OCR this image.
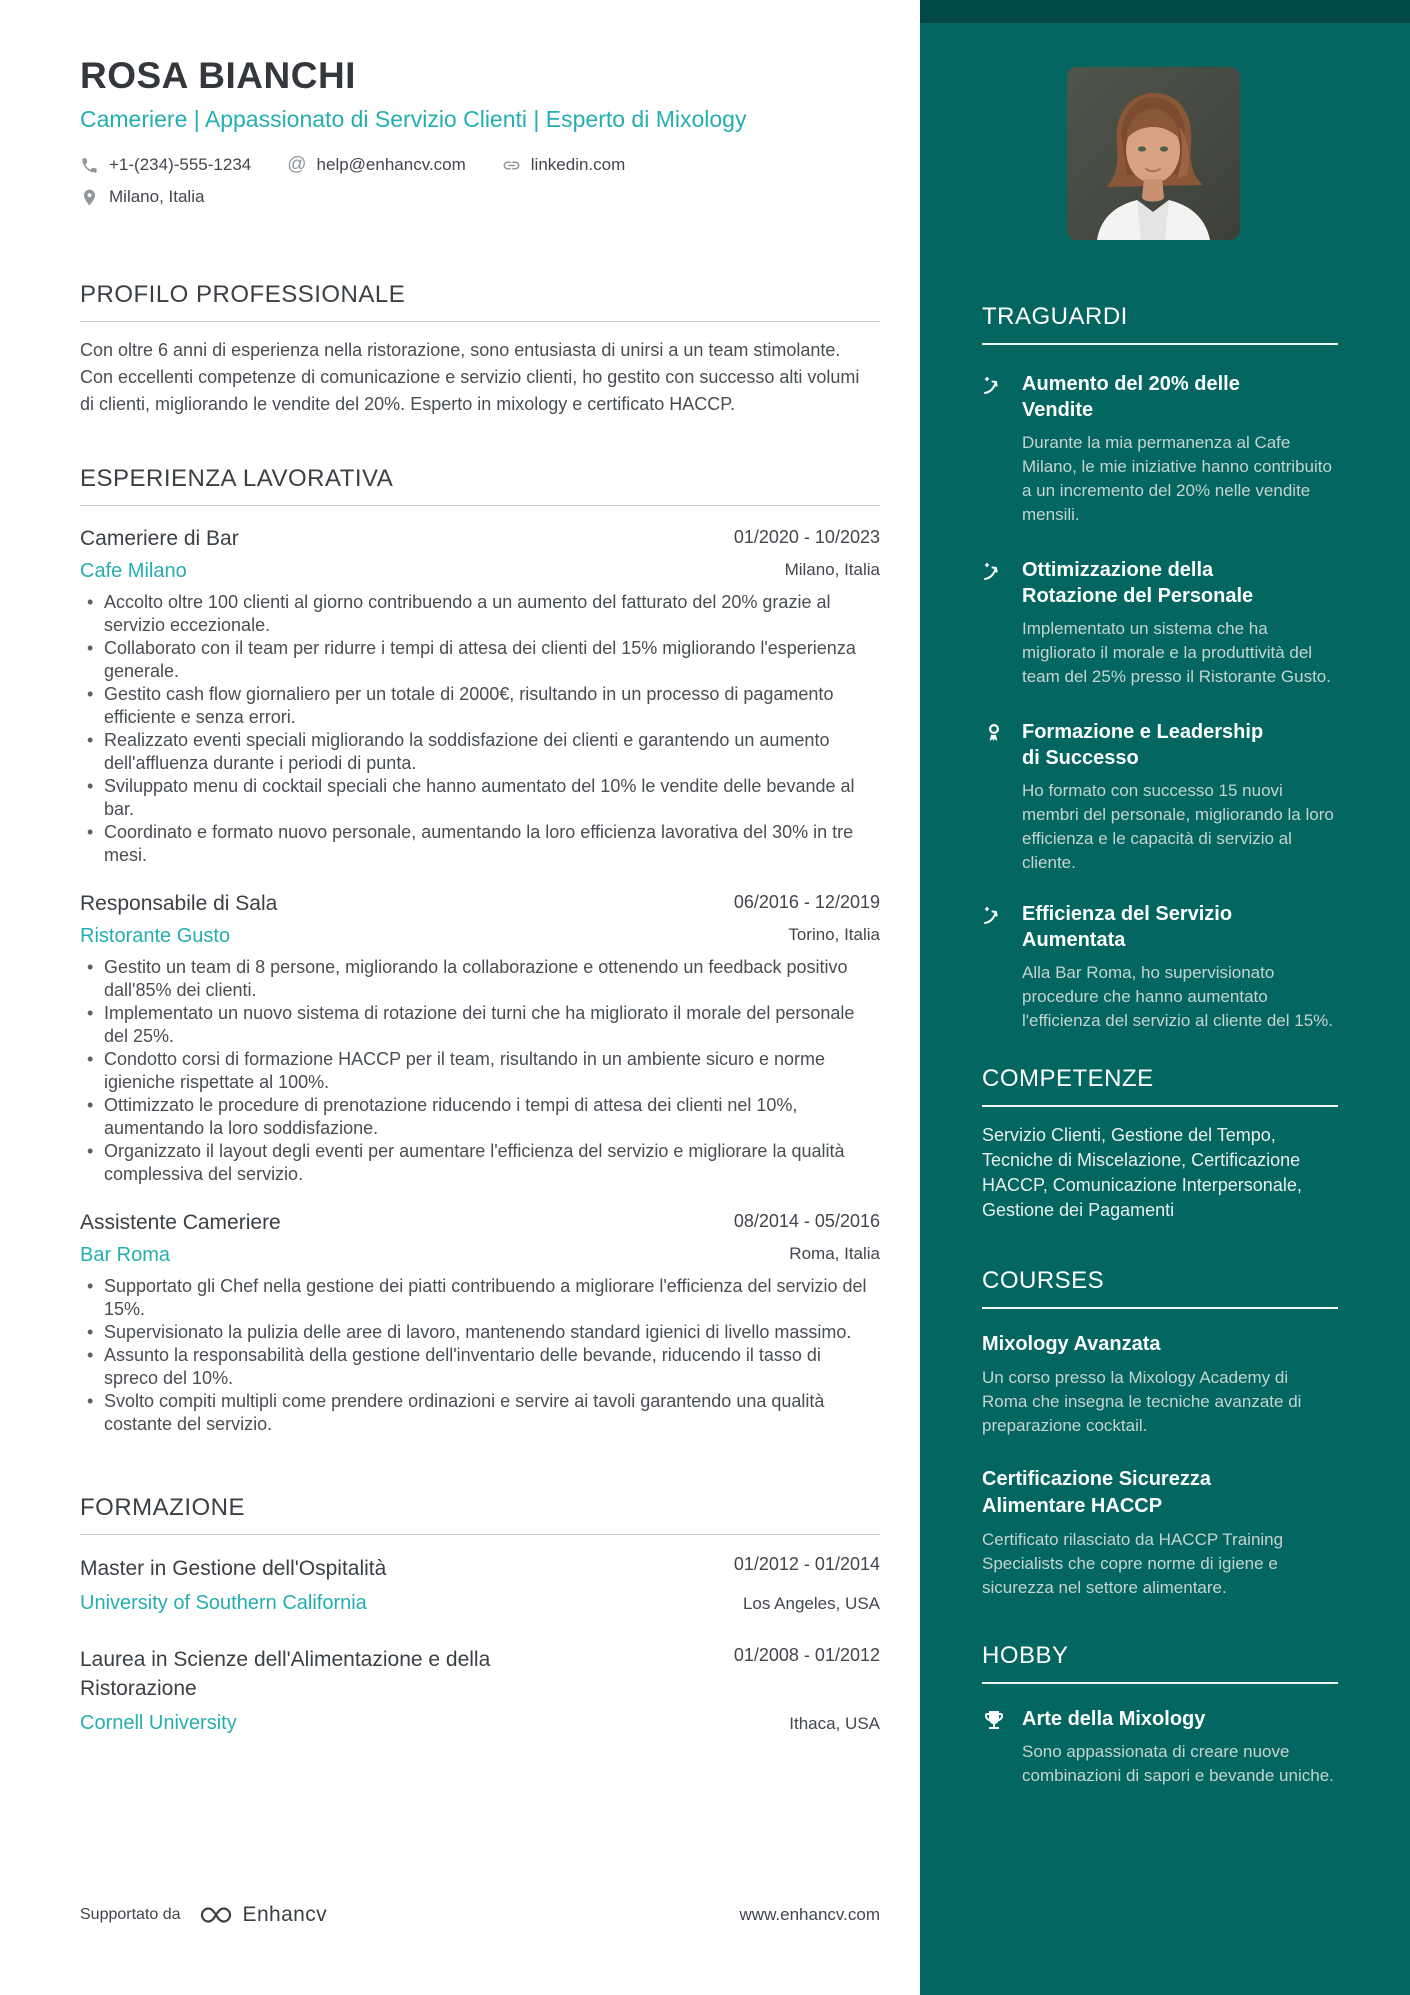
ROSA BIANCHI
Cameriere | Appassionato di Servizio Clienti | Esperto di Mixology
+1-(234)-555-1234 @ help@enhancv.com	linkedin.com
Milano, Italia
PROFILO PROFESSIONALE
Con oltre 6 anni di esperienza nella ristorazione, sono entusiasta di unirsi a un team stimolante. Con eccellenti competenze di comunicazione e servizio clienti, ho gestito con successo alti volumi di clienti, migliorando le vendite del 20%. Esperto in mixology e certificato HACCP.
ESPERIENZA LAVORATIVA
Cameriere di Bar	01/2020 - 10/2023
Cafe Milano	Milano, Italia
• Accolto oltre 100 clienti al giorno contribuendo a un aumento del fatturato del 20% grazie al servizio eccezionale.
• Collaborato con il team per ridurre i tempi di attesa dei clienti del 15% migliorando l'esperienza generale.
• Gestito cash flow giornaliero per un totale di 2000€, risultando in un processo di pagamento efficiente e senza errori.
• Realizzato eventi speciali migliorando la soddisfazione dei clienti e garantendo un aumento dell'affluenza durante i periodi di punta.
• Sviluppato menu di cocktail speciali che hanno aumentato del 10% le vendite delle bevande al bar.
• Coordinato e formato nuovo personale, aumentando la loro efficienza lavorativa del 30% in tre mesi.
Responsabile di Sala	06/2016 - 12/2019
Ristorante Gusto	Torino, Italia
• Gestito un team di 8 persone, migliorando la collaborazione e ottenendo un feedback positivo dall'85% dei clienti.
• Implementato un nuovo sistema di rotazione dei turni che ha migliorato il morale del personale del 25%.
• Condotto corsi di formazione HACCP per il team, risultando in un ambiente sicuro e norme igieniche rispettate al 100%.
• Ottimizzato le procedure di prenotazione riducendo i tempi di attesa dei clienti nel 10%, aumentando la loro soddisfazione.
• Organizzato il layout degli eventi per aumentare l'efficienza del servizio e migliorare la qualità complessiva del servizio.
Assistente Cameriere	08/2014 - 05/2016
Bar Roma	Roma, Italia
• Supportato gli Chef nella gestione dei piatti contribuendo a migliorare l'efficienza del servizio del 15%.
• Supervisionato la pulizia delle aree di lavoro, mantenendo standard igienici di livello massimo.
• Assunto la responsabilità della gestione dell'inventario delle bevande, riducendo il tasso di spreco del 10%.
• Svolto compiti multipli come prendere ordinazioni e servire ai tavoli garantendo una qualità costante del servizio.
FORMAZIONE
Master in Gestione dell'Ospitalità	01/2012 - 01/2014
University of Southern California	Los Angeles, USA
Laurea in Scienze dell'Alimentazione e della Ristorazione
01/2008 - 01/2012
Cornell University	Ithaca, USA
Supportato da	Enhancv	www.enhancv.com
TRAGUARDI
Aumento del 20% delle Vendite
Durante la mia permanenza al Cafe Milano, le mie iniziative hanno contribuito a un incremento del 20% nelle vendite mensili.
Ottimizzazione della Rotazione del Personale
Implementato un sistema che ha migliorato il morale e la produttività del team del 25% presso il Ristorante Gusto.
Formazione e Leadership di Successo
Ho formato con successo 15 nuovi membri del personale, migliorando la loro efficienza e le capacità di servizio al cliente.
Efficienza del Servizio Aumentata
Alla Bar Roma, ho supervisionato procedure che hanno aumentato l'efficienza del servizio al cliente del 15%.
COMPETENZE
Servizio Clienti, Gestione del Tempo, Tecniche di Miscelazione, Certificazione HACCP, Comunicazione Interpersonale, Gestione dei Pagamenti
COURSES
Mixology Avanzata
Un corso presso la Mixology Academy di Roma che insegna le tecniche avanzate di preparazione cocktail.
Certificazione Sicurezza Alimentare HACCP
Certificato rilasciato da HACCP Training Specialists che copre norme di igiene e sicurezza nel settore alimentare.
HOBBY
Arte della Mixology
Sono appassionata di creare nuove combinazioni di sapori e bevande uniche.
